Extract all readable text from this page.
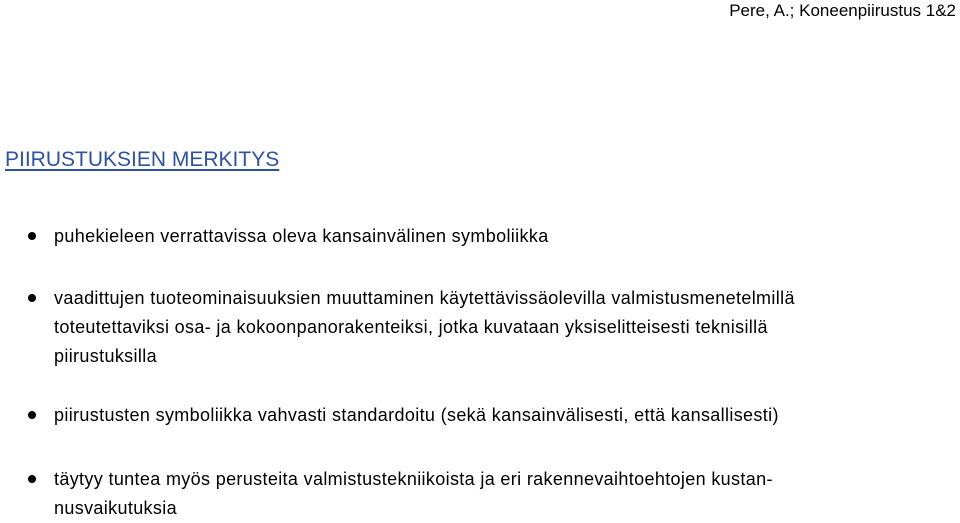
Pere, A.; Koneenpiirustus 1&2
PIIRUSTUKSIEN MERKITYS
puhekieleen verrattavissa oleva kansainvälinen symboliikka
vaadittujen tuoteominaisuuksien muuttaminen käytettävissäolevilla valmistusmenetelmillä
toteutettaviksi osa- ja kokoonpanorakenteiksi, jotka kuvataan yksiselitteisesti teknisillä
piirustuksilla
piirustusten symboliikka vahvasti standardoitu (sekä kansainvälisesti, että kansallisesti)
täytyy tuntea myös perusteita valmistustekniikoista ja eri rakennevaihtoehtojen kustan-
nusvaikutuksia
